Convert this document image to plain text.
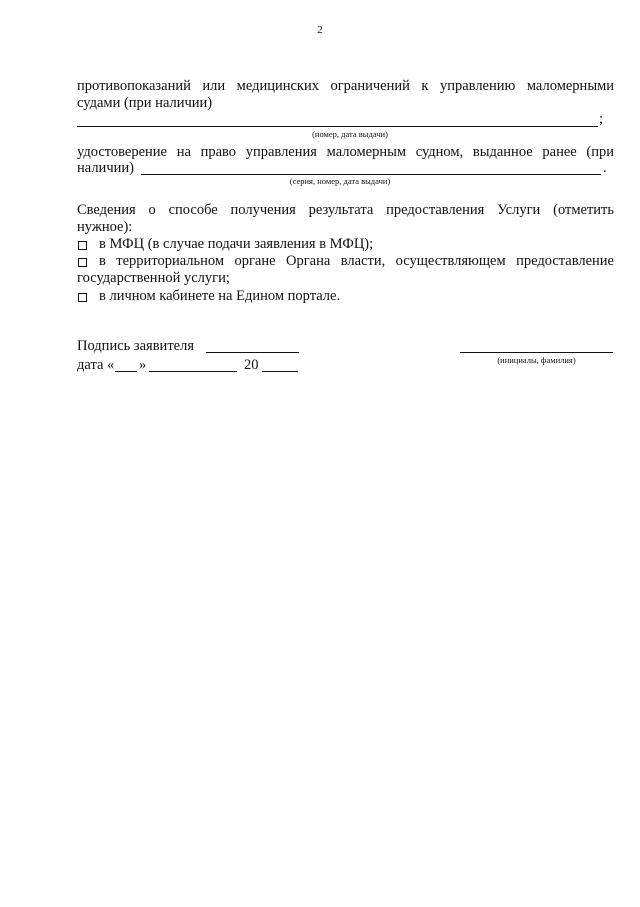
2
противопоказаний или медицинских ограничений к управлению маломерными
судами (при наличии)
;
(номер, дата выдачи)
удостоверение на право управления маломерным судном, выданное ранее (при
наличии)	.
(серия, номер, дата выдачи)
Сведения о способе получения результата предоставления Услуги (отметить
нужное):
в МФЦ (в случае подачи заявления в МФЦ);
в территориальном органе Органа власти, осуществляющем предоставление
государственной услуги;
в личном кабинете на Едином портале.
Подпись заявителя
(инициалы, фамилия)
дата « »	20
